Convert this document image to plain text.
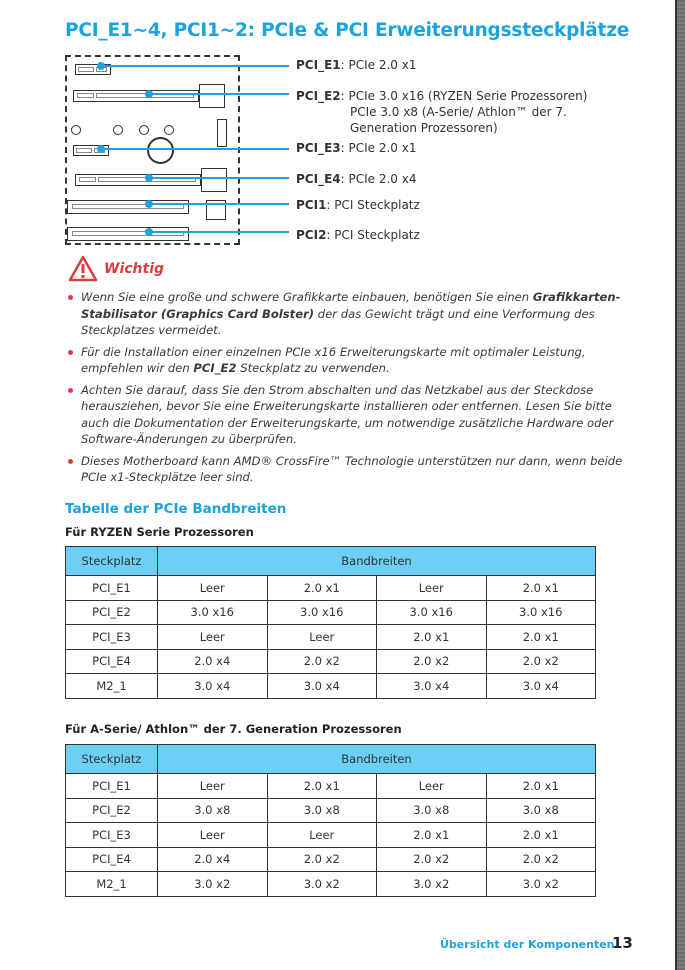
PCI_E1~4, PCI1~2: PCIe & PCI Erweiterungssteckplätze
PCI_E1: PCIe 2.0 x1
PCI_E2: PCIe 3.0 x16 (RYZEN Serie Prozessoren)
PCIe 3.0 x8 (A-Serie/ Athlon™ der 7.
Generation Prozessoren)
PCI_E3: PCIe 2.0 x1
PCI_E4: PCIe 2.0 x4
PCI1: PCI Steckplatz
PCI2: PCI Steckplatz
Wichtig
Wenn Sie eine große und schwere Grafikkarte einbauen, benötigen Sie einen Grafikkarten-Stabilisator (Graphics Card Bolster) der das Gewicht trägt und eine Verformung des Steckplatzes vermeidet.
Für die Installation einer einzelnen PCIe x16 Erweiterungskarte mit optimaler Leistung, empfehlen wir den PCI_E2 Steckplatz zu verwenden.
Achten Sie darauf, dass Sie den Strom abschalten und das Netzkabel aus der Steckdose herausziehen, bevor Sie eine Erweiterungskarte installieren oder entfernen. Lesen Sie bitte auch die Dokumentation der Erweiterungskarte, um notwendige zusätzliche Hardware oder Software-Änderungen zu überprüfen.
Dieses Motherboard kann AMD® CrossFire™ Technologie unterstützen nur dann, wenn beide PCIe x1-Steckplätze leer sind.
Tabelle der PCIe Bandbreiten
Für RYZEN Serie Prozessoren
Steckplatz	Bandbreiten			
PCI_E1	Leer	2.0 x1	Leer	2.0 x1
PCI_E2	3.0 x16	3.0 x16	3.0 x16	3.0 x16
PCI_E3	Leer	Leer	2.0 x1	2.0 x1
PCI_E4	2.0 x4	2.0 x2	2.0 x2	2.0 x2
M2_1	3.0 x4	3.0 x4	3.0 x4	3.0 x4
Für A-Serie/ Athlon™ der 7. Generation Prozessoren
Steckplatz	Bandbreiten			
PCI_E1	Leer	2.0 x1	Leer	2.0 x1
PCI_E2	3.0 x8	3.0 x8	3.0 x8	3.0 x8
PCI_E3	Leer	Leer	2.0 x1	2.0 x1
PCI_E4	2.0 x4	2.0 x2	2.0 x2	2.0 x2
M2_1	3.0 x2	3.0 x2	3.0 x2	3.0 x2
Übersicht der Komponenten
13
